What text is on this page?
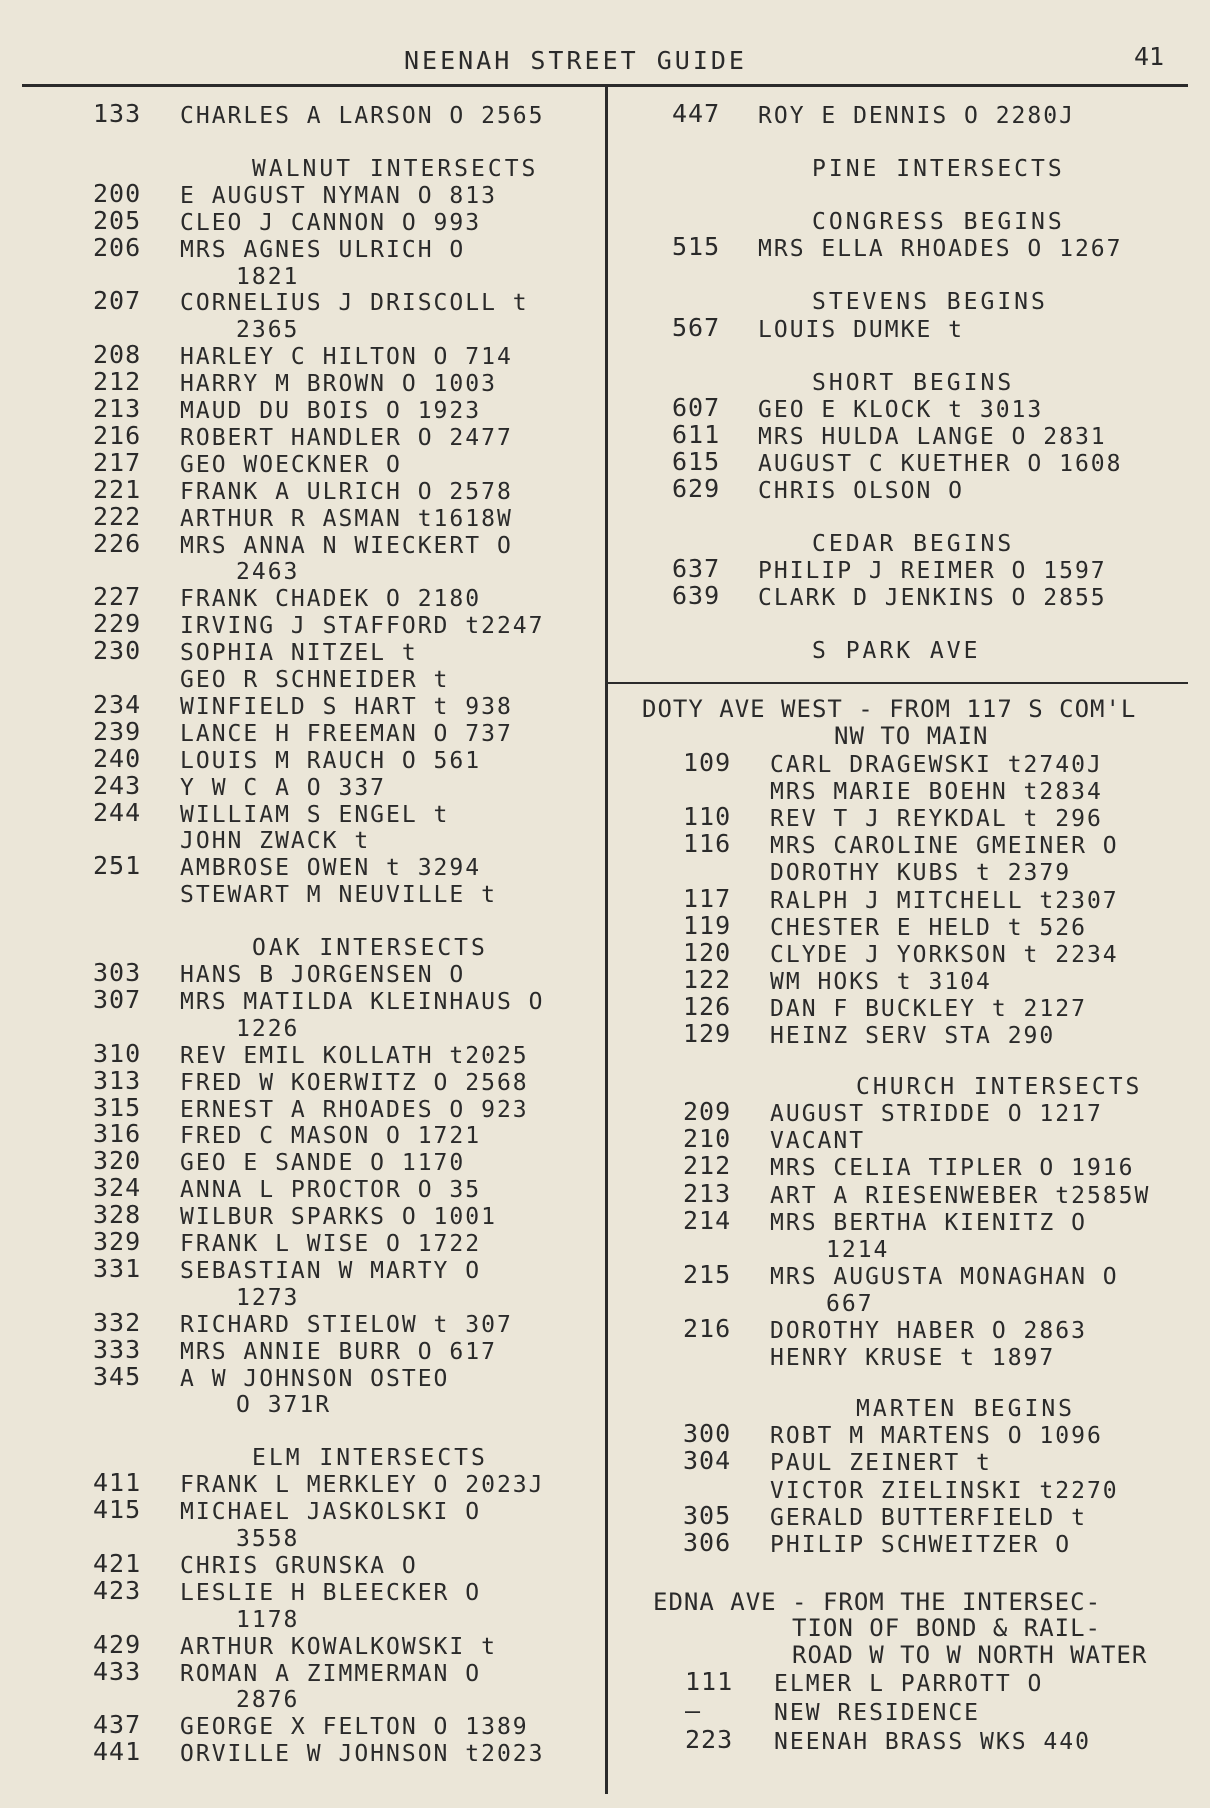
NEENAH STREET GUIDE	41
133 CHARLES A LARSON O 2565
WALNUT INTERSECTS
200 E AUGUST NYMAN O 813
205 CLEO J CANNON O 993
206 MRS AGNES ULRICH O
1821
207 CORNELIUS J DRISCOLL t
2365
208 HARLEY C HILTON O 714
212 HARRY M BROWN O 1003
213 MAUD DU BOIS O 1923
216 ROBERT HANDLER O 2477
217 GEO WOECKNER O
221 FRANK A ULRICH O 2578
222 ARTHUR R ASMAN t1618W
226 MRS ANNA N WIECKERT O
2463
227 FRANK CHADEK O 2180
229 IRVING J STAFFORD t2247
230 SOPHIA NITZEL t
GEO R SCHNEIDER t
234 WINFIELD S HART t 938
239 LANCE H FREEMAN O 737
240 LOUIS M RAUCH O 561
243 Y W C A O 337
244 WILLIAM S ENGEL t
JOHN ZWACK t
251 AMBROSE OWEN t 3294
STEWART M NEUVILLE t
OAK INTERSECTS
303 HANS B JORGENSEN O
307 MRS MATILDA KLEINHAUS O
1226
310 REV EMIL KOLLATH t2025
313 FRED W KOERWITZ O 2568
315 ERNEST A RHOADES O 923
316 FRED C MASON O 1721
320 GEO E SANDE O 1170
324 ANNA L PROCTOR O 35
328 WILBUR SPARKS O 1001
329 FRANK L WISE O 1722
331 SEBASTIAN W MARTY O
1273
332 RICHARD STIELOW t 307
333 MRS ANNIE BURR O 617
345 A W JOHNSON OSTEO
O 371R
ELM INTERSECTS
411 FRANK L MERKLEY O 2023J
415 MICHAEL JASKOLSKI O
3558
421 CHRIS GRUNSKA O
423 LESLIE H BLEECKER O
1178
429 ARTHUR KOWALKOWSKI t
433 ROMAN A ZIMMERMAN O
2876
437 GEORGE X FELTON O 1389
441 ORVILLE W JOHNSON t2023
447 ROY E DENNIS O 2280J
PINE INTERSECTS
CONGRESS BEGINS
515 MRS ELLA RHOADES O 1267
STEVENS BEGINS
567 LOUIS DUMKE t
SHORT BEGINS
607 GEO E KLOCK t 3013
611 MRS HULDA LANGE O 2831
615 AUGUST C KUETHER O 1608
629 CHRIS OLSON O
CEDAR BEGINS
637 PHILIP J REIMER O 1597
639 CLARK D JENKINS O 2855
S PARK AVE
DOTY AVE WEST - FROM 117 S COM'L
NW TO MAIN
109 CARL DRAGEWSKI t2740J
MRS MARIE BOEHN t2834
110 REV T J REYKDAL t 296
116 MRS CAROLINE GMEINER O
DOROTHY KUBS t 2379
117 RALPH J MITCHELL t2307
119 CHESTER E HELD t 526
120 CLYDE J YORKSON t 2234
122 WM HOKS t 3104
126 DAN F BUCKLEY t 2127
129 HEINZ SERV STA 290
CHURCH INTERSECTS
209 AUGUST STRIDDE O 1217
210 VACANT
212 MRS CELIA TIPLER O 1916
213 ART A RIESENWEBER t2585W
214 MRS BERTHA KIENITZ O
1214
215 MRS AUGUSTA MONAGHAN O
667
216 DOROTHY HABER O 2863
HENRY KRUSE t 1897
MARTEN BEGINS
300 ROBT M MARTENS O 1096
304 PAUL ZEINERT t
VICTOR ZIELINSKI t2270
305 GERALD BUTTERFIELD t
306 PHILIP SCHWEITZER O
EDNA AVE - FROM THE INTERSEC-
TION OF BOND & RAIL-
ROAD W TO W NORTH WATER
111 ELMER L PARROTT O
—	NEW RESIDENCE
223 NEENAH BRASS WKS 440
